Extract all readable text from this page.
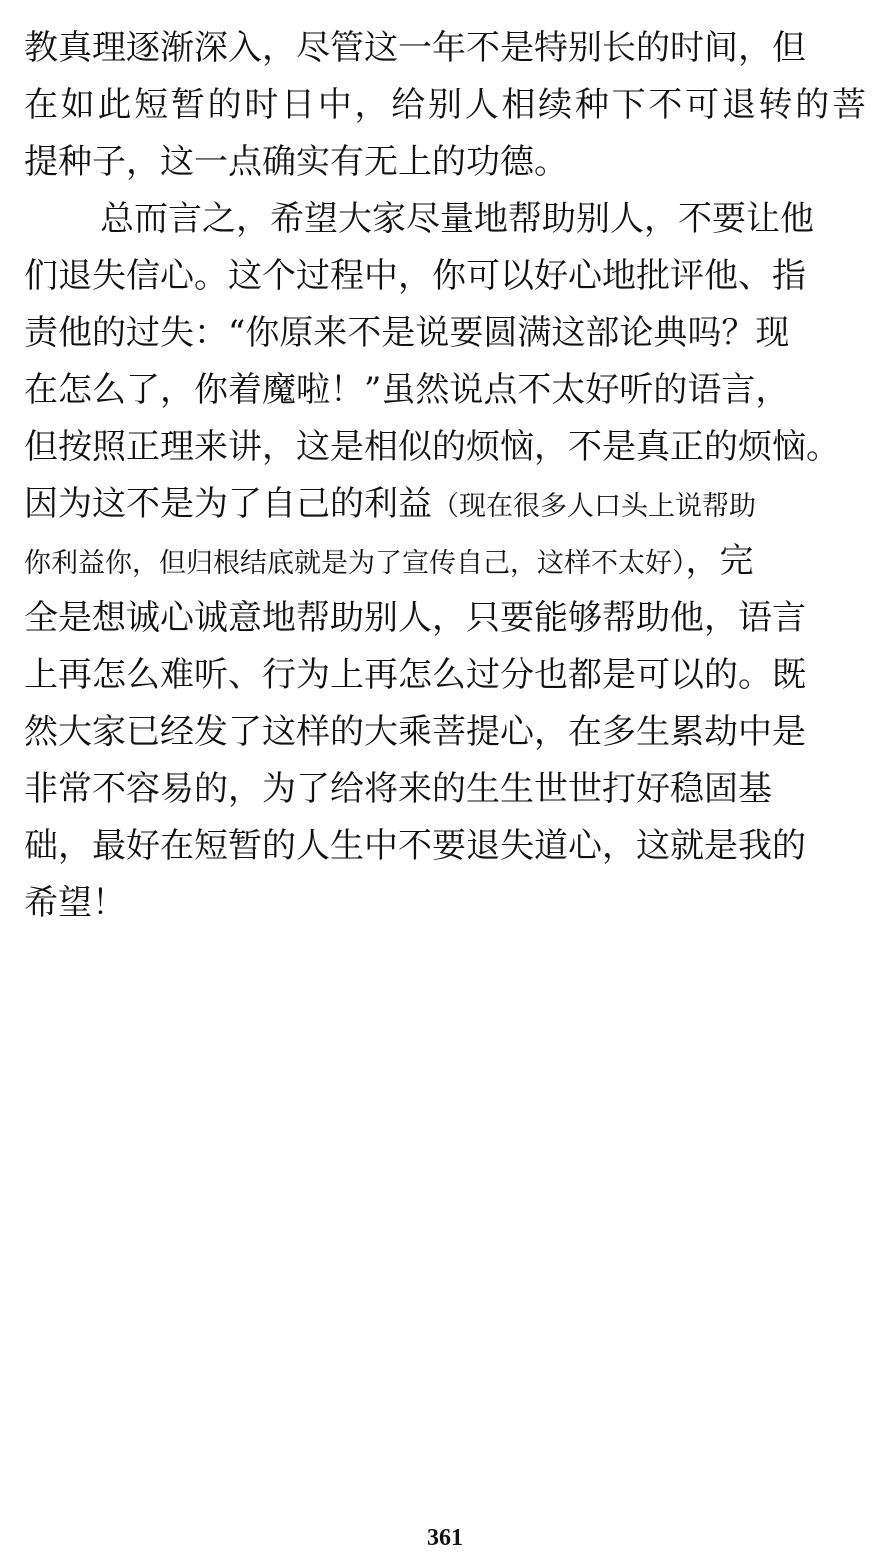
教真理逐渐深入，尽管这一年不是特别长的时间，但
在如此短暂的时日中，给别人相续种下不可退转的菩
提种子，这一点确实有无上的功德。
总而言之，希望大家尽量地帮助别人，不要让他
们退失信心。这个过程中，你可以好心地批评他、指
责他的过失：“你原来不是说要圆满这部论典吗？现
在怎么了，你着魔啦！”虽然说点不太好听的语言，
但按照正理来讲，这是相似的烦恼，不是真正的烦恼。
因为这不是为了自己的利益（现在很多人口头上说帮助
你利益你，但归根结底就是为了宣传自己，这样不太好），完
全是想诚心诚意地帮助别人，只要能够帮助他，语言
上再怎么难听、行为上再怎么过分也都是可以的。既
然大家已经发了这样的大乘菩提心，在多生累劫中是
非常不容易的，为了给将来的生生世世打好稳固基
础，最好在短暂的人生中不要退失道心，这就是我的
希望！
361
